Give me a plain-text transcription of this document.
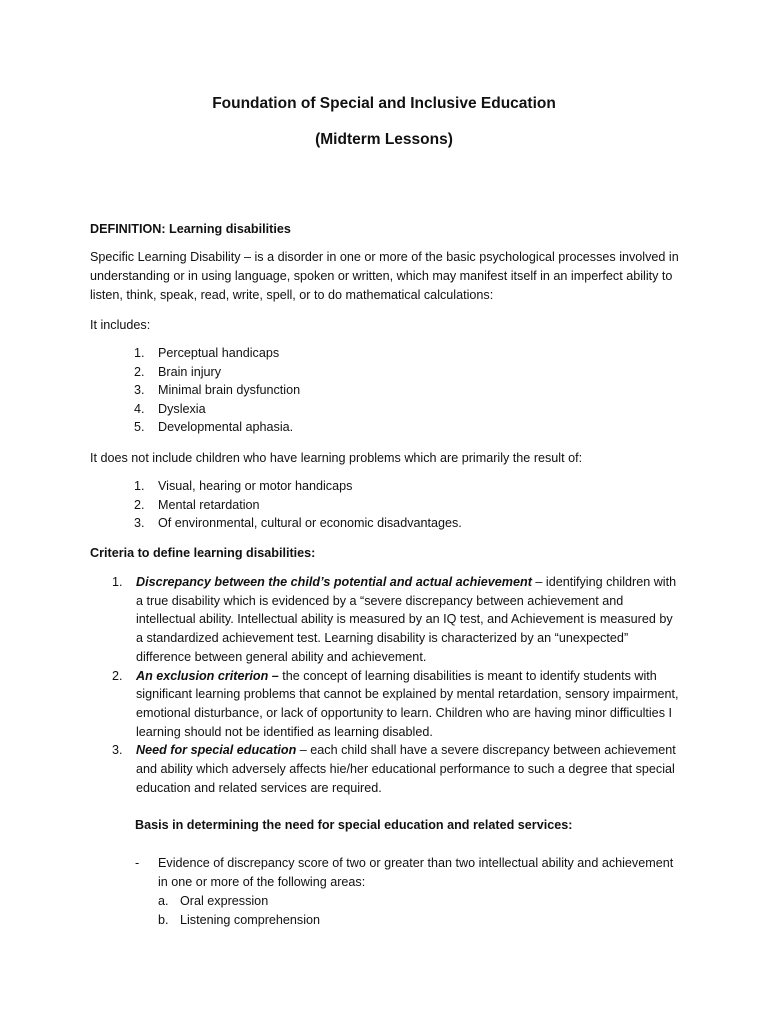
Foundation of Special and Inclusive Education
(Midterm Lessons)
DEFINITION: Learning disabilities
Specific Learning Disability – is a disorder in one or more of the basic psychological processes involved in understanding or in using language, spoken or written, which may manifest itself in an imperfect ability to listen, think, speak, read, write, spell, or to do mathematical calculations:
It includes:
1.	Perceptual handicaps
2.	Brain injury
3.	Minimal brain dysfunction
4.	Dyslexia
5.	Developmental aphasia.
It does not include children who have learning problems which are primarily the result of:
1.	Visual, hearing or motor handicaps
2.	Mental retardation
3.	Of environmental, cultural or economic disadvantages.
Criteria to define learning disabilities:
1.	Discrepancy between the child’s potential and actual achievement – identifying children with a true disability which is evidenced by a “severe discrepancy between achievement and intellectual ability. Intellectual ability is measured by an IQ test, and Achievement is measured by a standardized achievement test. Learning disability is characterized by an “unexpected” difference between general ability and achievement.
2.	An exclusion criterion – the concept of learning disabilities is meant to identify students with significant learning problems that cannot be explained by mental retardation, sensory impairment, emotional disturbance, or lack of opportunity to learn. Children who are having minor difficulties I learning should not be identified as learning disabled.
3.	Need for special education – each child shall have a severe discrepancy between achievement and ability which adversely affects hie/her educational performance to such a degree that special education and related services are required.
Basis in determining the need for special education and related services:
-	Evidence of discrepancy score of two or greater than two intellectual ability and achievement in one or more of the following areas:
a. Oral expression
b. Listening comprehension
